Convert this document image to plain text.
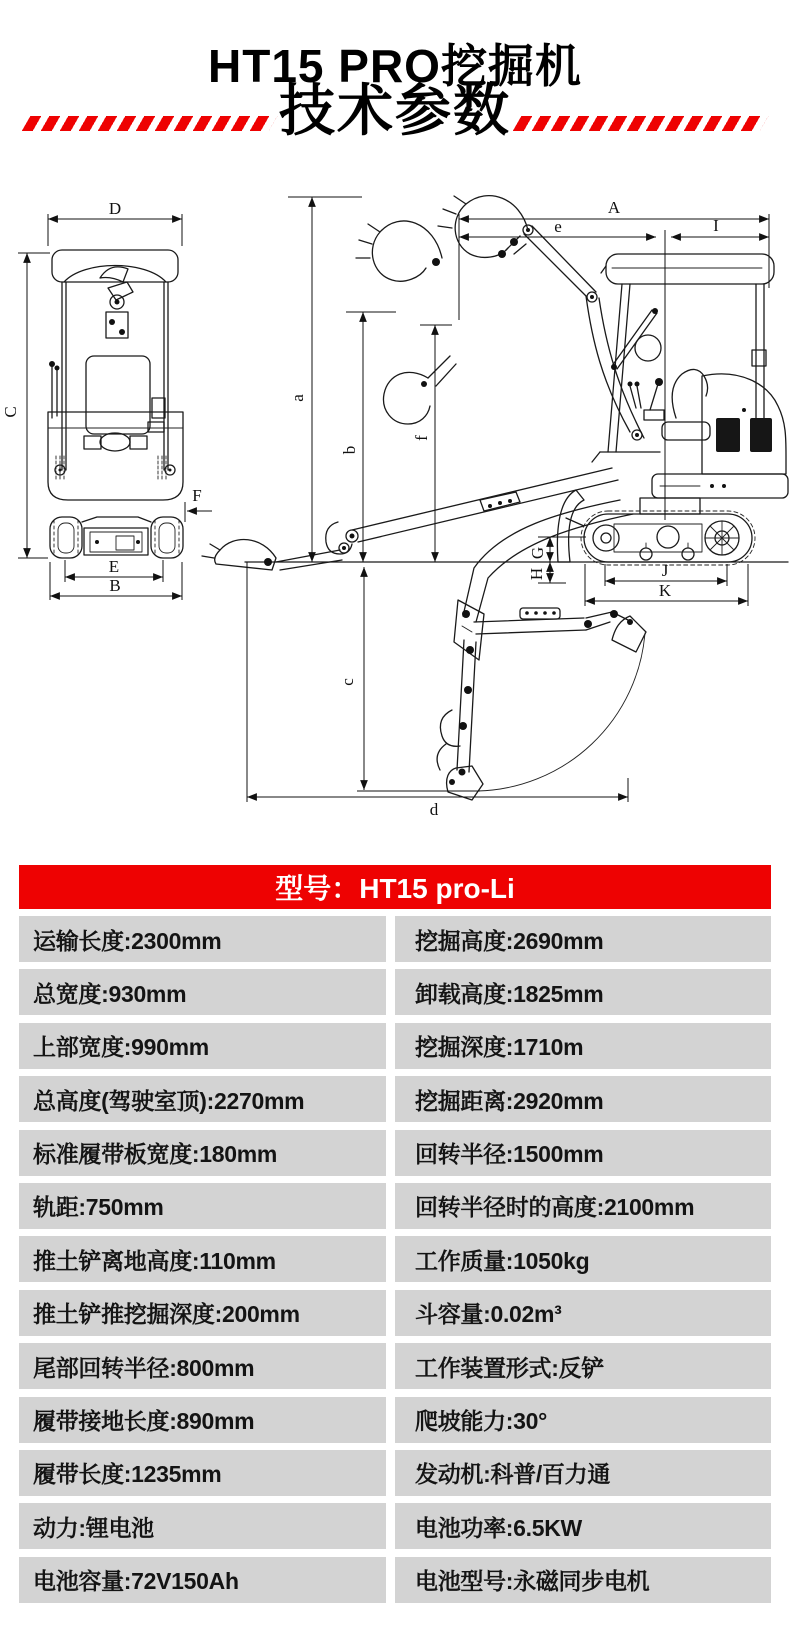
HT15 PRO挖掘机
技术参数
D
C
E
B
F
A
e	I
a
b
f
G
H	J
K
c
d
型号：HT15 pro-Li
运输长度:2300mm	挖掘高度:2690mm
总宽度:930mm	卸载高度:1825mm
上部宽度:990mm	挖掘深度:1710m
总高度(驾驶室顶):2270mm	挖掘距离:2920mm
标准履带板宽度:180mm	回转半径:1500mm
轨距:750mm	回转半径时的高度:2100mm
推土铲离地高度:110mm	工作质量:1050kg
推土铲推挖掘深度:200mm	斗容量:0.02m³
尾部回转半径:800mm	工作装置形式:反铲
履带接地长度:890mm	爬坡能力:30°
履带长度:1235mm	发动机:科普/百力通
动力:锂电池	电池功率:6.5KW
电池容量:72V150Ah	电池型号:永磁同步电机
